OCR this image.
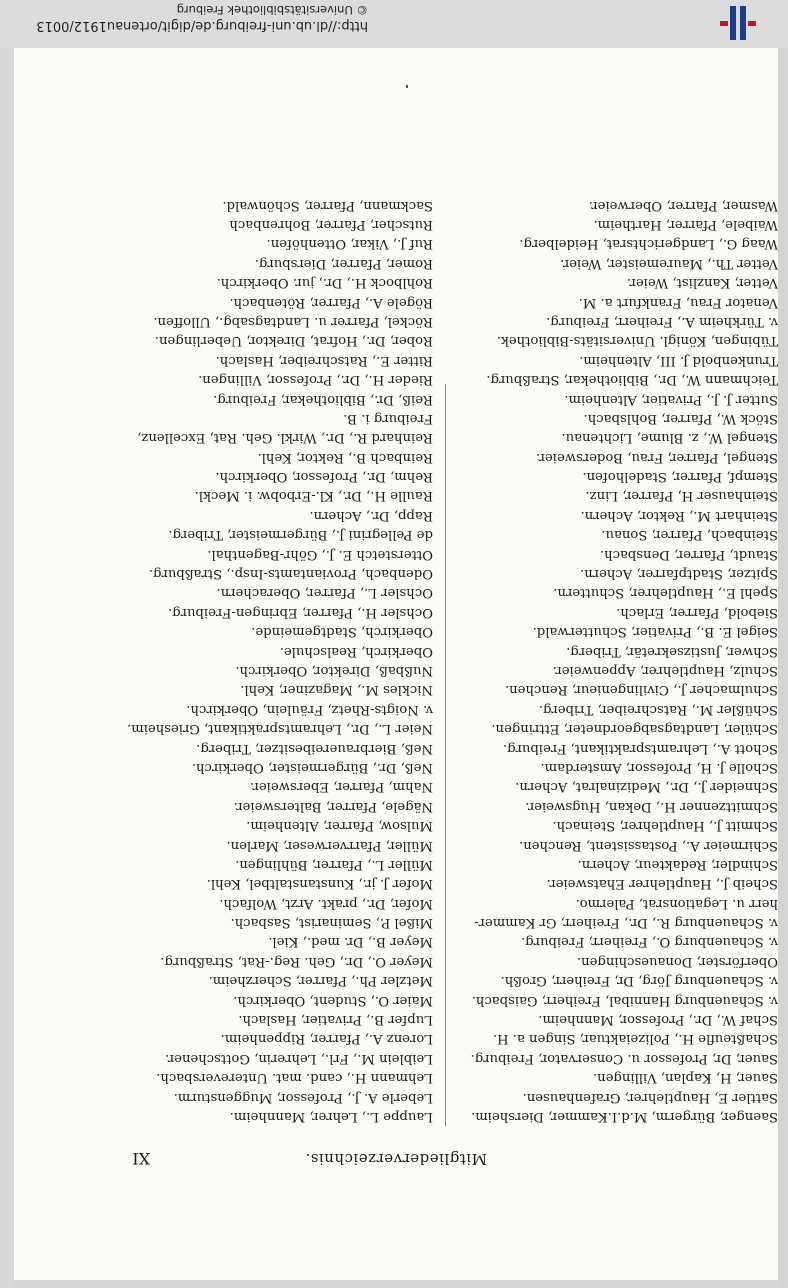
Mitgliederverzeichnis.
XI
Saenger, Bürgerm, M.d.I.Kammer, Diersheim.
Sattler E, Hauptlehrer, Grafenhausen.
Sauer, H, Kaplan, Villingen.
Sauer, Dr, Professor u. Conservator, Freiburg.
Schaßteufle H., Polizeiaktuar, Singen a. H.
Schaf W., Dr., Professor, Mannheim.
v. Schauenburg Hannibal, Freiherr, Gaisbach.
v. Schauenburg Jörg, Dr, Freiherr, Großh.
Oberförster, Donaueschingen.
v. Schauenburg O., Freiherr, Freiburg.
v. Schauenburg R., Dr., Freiherr, Gr Kammer-
herr u. Legationsrat, Palermo.
Scheib J., Hauptlehrer Ehatsweier.
Schindler, Redakteur, Achern.
Schirmeier A., Postassistent, Renchen.
Schmitt J., Hauptlehrer, Steinach.
Schmittzenner H., Dekan, Hugsweier.
Schneider J., Dr., Medizinalrat, Achern.
Scholle J. H, Professor, Amsterdam.
Schott A., Lehramtspraktikant, Freiburg.
Schüler, Landtagsabgeordneter, Ettringen.
Schüßler M., Ratschreiber, Triberg.
Schulmacher J., Civilingenieur, Renchen.
Schulz, Hauptlehrer, Appenweier.
Schwer, Justizsekretär, Triberg.
Seigel E. B., Privatier, Schutterwald.
Siebold, Pfarrer, Erlach.
Spehl E., Hauptlehrer, Schuttern.
Spitzer, Stadtpfarrer, Achern.
Staudt, Pfarrer, Densbach.
Steinbach, Pfarrer, Sonau.
Steinhart M., Rektor, Achern.
Steinhauser H, Pfarrer, Linz.
Stempf, Pfarrer, Stadelhofen.
Stengel, Pfarrer, Frau, Bodersweier.
Stengel W., z. Blume, Lichtenau.
Stöck W., Pfarrer, Bohlsbach.
Sutter J. J., Privatier, Altenheim.
Teichmann W., Dr., Bibliothekar, Straßburg.
Trunkenbold J. III, Altenheim.
Tübingen, Königl. Universitäts-Bibliothek.
v. Türkheim A., Freiherr, Freiburg.
Venator Frau, Frankfurt a. M.
Vetter, Kanzlist, Weier.
Vetter Th., Mauremeister, Weier.
Waag G., Landgerichtsrat, Heidelberg.
Waibele, Pfarrer, Hartheim.
Wasmer, Pfarrer, Oberweier.
Lauppe L., Lehrer, Mannheim.
Leberle A. J., Professor, Muggensturm.
Lehmann H., cand. mat. Untereversbach.
Leiblein M., Frl., Lehrerin, Gottschener.
Lorenz A., Pfarrer, Rippenheim.
Lupfer B., Privatier, Haslach.
Maier O., Student, Oberkirch.
Metzler Ph., Pfarrer, Scherzheim.
Meyer O., Dr., Geh. Reg.-Rat, Straßburg.
Meyer B., Dr. med., Kiel.
Mißel P., Seminarist, Sasbach.
Mofer, Dr., prakt. Arzt, Wolfach.
Mofer J. jr., Kunstanstaltbel, Kehl.
Müller L., Pfarrer, Bühlingen.
Müller, Pfarrverweser, Marlen.
Mulsow, Pfarrer, Altenheim.
Nägele, Pfarrer, Baltersweier.
Nahm, Pfarrer, Ebersweier.
Neß, Dr., Bürgermeister, Oberkirch.
Neß, Bierbrauereibesitzer, Triberg.
Neier L., Dr., Lehramtspraktikant, Griesheim.
v. Noigts-Rhetz, Fräulein, Oberkirch.
Nickles M., Magaziner, Kehl.
Nußbaß, Direktor, Oberkirch.
Oberkirch, Realschule.
Oberkirch, Stadtgemeinde.
Ochsler H., Pfarrer, Ebringen-Freiburg.
Ochsler L., Pfarrer, Oberachern.
Odenbach, Proviantamts-Insp., Straßburg.
Otterstetch E. J., Göhr-Bagenthal.
de Pellegrini J., Bürgermeister, Triberg.
Rapp, Dr., Achern.
Raulle H., Dr., Kl.-Erbobw. i. Meckl.
Rehm, Dr., Professor, Oberkirch.
Reinbach B., Rektor, Kehl.
Reinhard R., Dr., Wirkl. Geh. Rat, Excellenz,
Freiburg i. B.
Reiß, Dr., Bibliothekar, Freiburg.
Rieder H., Dr., Professor, Villingen.
Ritter E., Ratschreiber, Haslach.
Rober, Dr., Hofrat, Direktor, Ueberlingen.
Röckel, Pfarrer u. Landtagsabg., Ulloffen.
Rögele A., Pfarrer, Rötenbach.
Rohlbock H., Dr., jur. Oberkirch.
Romer, Pfarrer, Diersburg.
Ruf J., Vikar, Ottenhöfen.
Rutscher, Pfarrer, Bohrenbach
Sackmann, Pfarrer, Schönwald.
http://dl.ub.uni-freiburg.de/digit/ortenau1912/0013
© Universitätsbibliothek Freiburg
